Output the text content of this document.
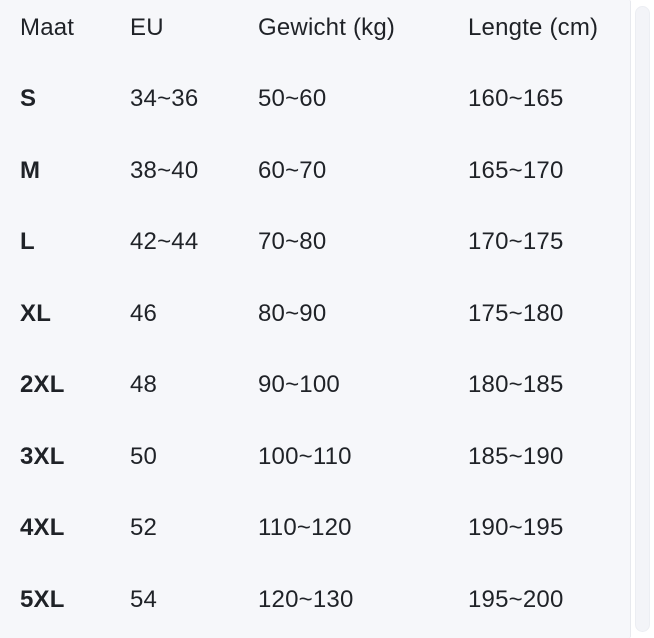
Maat	EU	Gewicht (kg)	Lengte (cm)
S	34~36	50~60	160~165
M	38~40	60~70	165~170
L	42~44	70~80	170~175
XL	46	80~90	175~180
2XL	48	90~100	180~185
3XL	50	100~110	185~190
4XL	52	110~120	190~195
5XL	54	120~130	195~200
